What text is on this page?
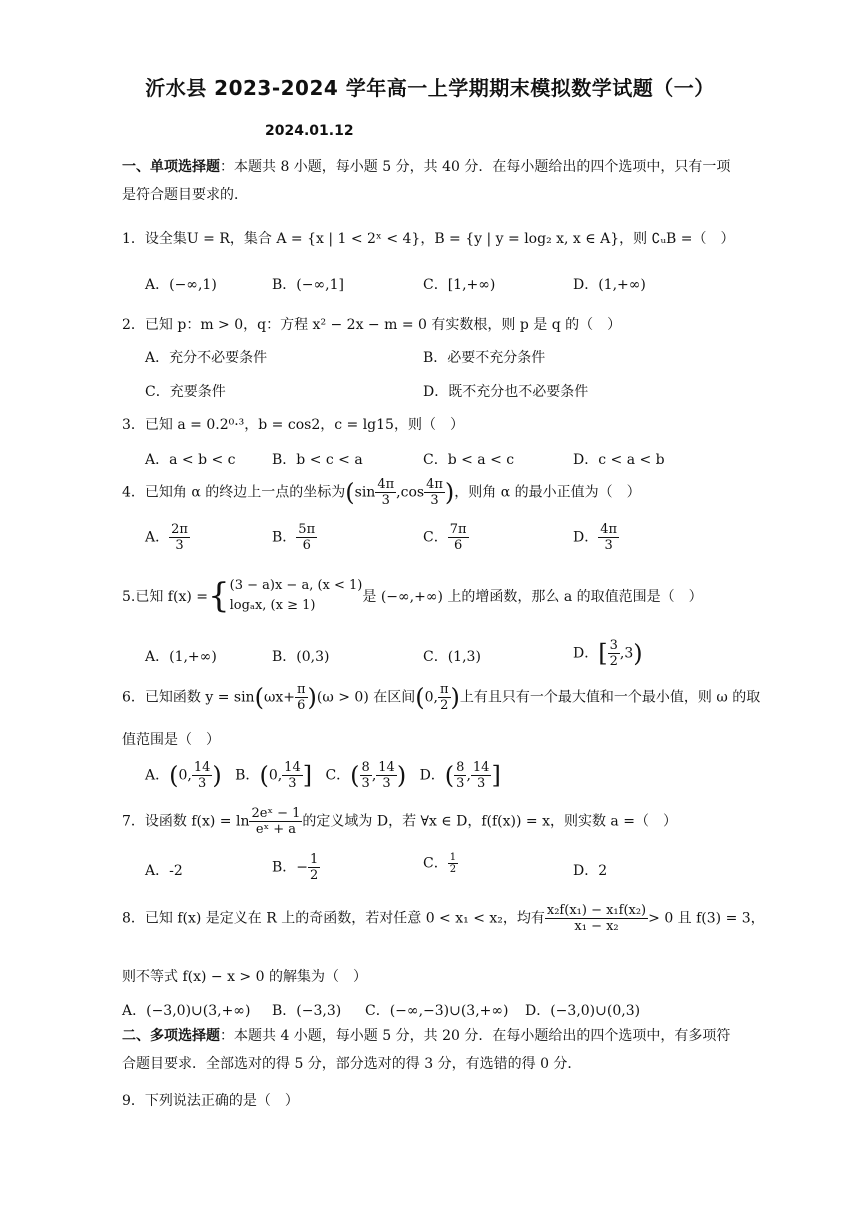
沂水县 2023-2024 学年高一上学期期末模拟数学试题（一）
2024.01.12
一、单项选择题：本题共 8 小题，每小题 5 分，共 40 分．在每小题给出的四个选项中，只有一项
是符合题目要求的．
1．设全集U = R，集合 A = {x | 1 < 2ˣ < 4}，B = {y | y = log₂ x, x ∈ A}，则 ∁ᵤB =（　）
A．(−∞,1)	B．(−∞,1]	C．[1,+∞)	D．(1,+∞)
2．已知 p：m > 0，q：方程 x² − 2x − m = 0 有实数根，则 p 是 q 的（　）
A．充分不必要条件	B．必要不充分条件
C．充要条件	D．既不充分也不必要条件
3．已知 a = 0.2⁰·³，b = cos2，c = lg15，则（　）
A．a < b < c	B．b < c < a	C．b < a < c	D．c < a < b
4．已知角 α 的终边上一点的坐标为($\sin \frac{4\pi}{3} ,\cos \frac{4\pi}{3}$ )，则角 α 的最小正值为（　）
A． $\frac{2\pi}{3}$	B． $\frac{5\pi}{6}$	C． $\frac{7\pi}{6}$	D． $\frac{4\pi}{3}$
5.已知 f(x) ={ (3 − a)x − a, (x < 1)
logₐx, (x ≥ 1)
是 (−∞,+∞) 上的增函数，那么 a 的取值范围是（　）
A．(1,+∞)	B．(0,3)	C．(1,3)	D．[ $\frac{3}{2} ,3$)
6．已知函数 $y = \sin(\omega x+ \frac{\pi}{6} )(\omega > 0)$ 在区间(0, $\frac{\pi}{2}$ )上有且只有一个最大值和一个最小值，则 ω 的取
值范围是（　）
A．(0, $\frac{14}{3}$ ) B．(0, $\frac{14}{3}$ ] C．( $\frac{8}{3}$ , $\frac{14}{3}$ ) D．( $\frac{8}{3}$ , $\frac{14}{3}$ ]
7．设函数 $f(x) = \ln \frac{\text{2eˣ − 1}}{\text{eˣ + a}}$ 的定义域为 D，若 ∀x ∈ D，f(f(x)) = x，则实数 a =（　）
A．-2	B．− $\frac{1}{2}$	C． $\frac{1}{2}$	D．2
8．已知 f(x) 是定义在 R 上的奇函数，若对任意 0 < x₁ < x₂，均有 $\frac{\text{x₂f(x₁) − x₁f(x₂)}}{\text{x₁ − x₂}} > 0$ 且 f(3) = 3，
则不等式 f(x) − x > 0 的解集为（　）
A．(−3,0)∪(3,+∞) B．(−3,3) C．(−∞,−3)∪(3,+∞) D．(−3,0)∪(0,3)
二、多项选择题：本题共 4 小题，每小题 5 分，共 20 分．在每小题给出的四个选项中，有多项符
合题目要求．全部选对的得 5 分，部分选对的得 3 分，有选错的得 0 分．
9．下列说法正确的是（　）
